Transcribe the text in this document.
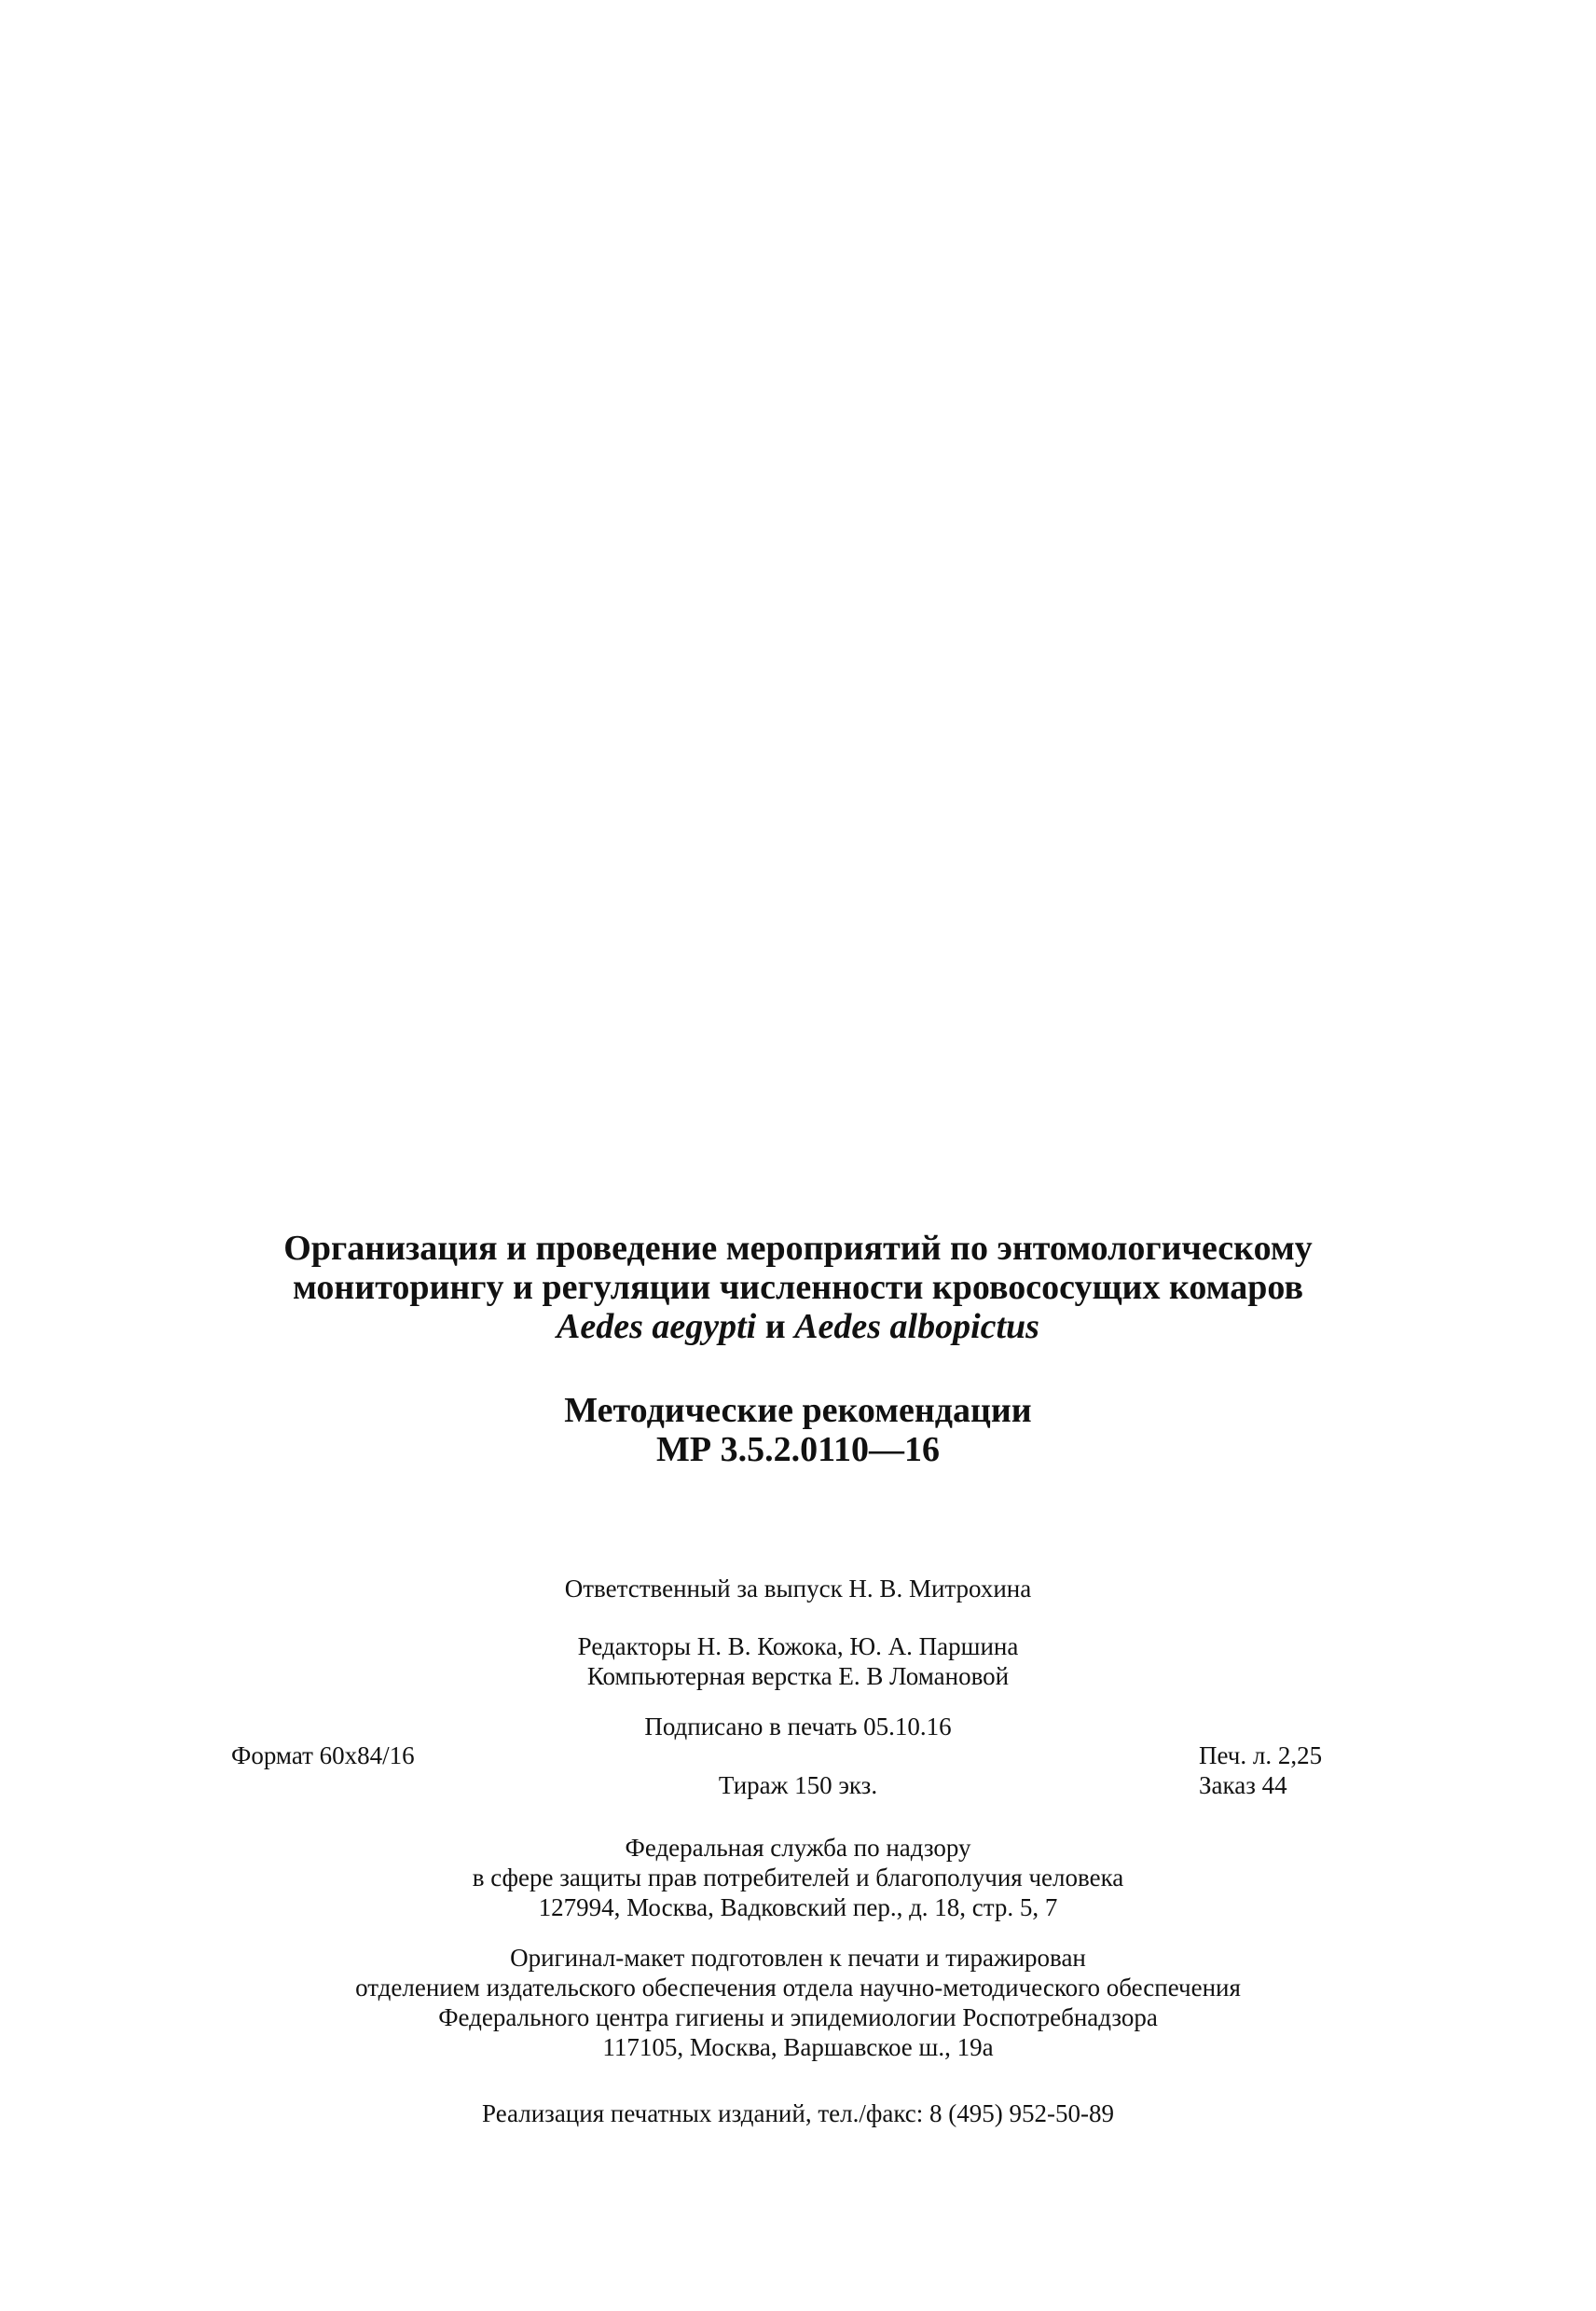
Организация и проведение мероприятий по энтомологическому
мониторингу и регуляции численности кровососущих комаров
Aedes aegypti и Aedes albopictus
Методические рекомендации
МР 3.5.2.0110—16
Ответственный за выпуск Н. В. Митрохина
Редакторы Н. В. Кожока, Ю. А. Паршина
Компьютерная верстка Е. В Ломановой
Подписано в печать 05.10.16
Формат 60x84/16
Тираж 150 экз.
Печ. л. 2,25
Заказ 44
Федеральная служба по надзору
в сфере защиты прав потребителей и благополучия человека
127994, Москва, Вадковский пер., д. 18, стр. 5, 7
Оригинал-макет подготовлен к печати и тиражирован
отделением издательского обеспечения отдела научно-методического обеспечения
Федерального центра гигиены и эпидемиологии Роспотребнадзора
117105, Москва, Варшавское ш., 19а
Реализация печатных изданий, тел./факс: 8 (495) 952-50-89
